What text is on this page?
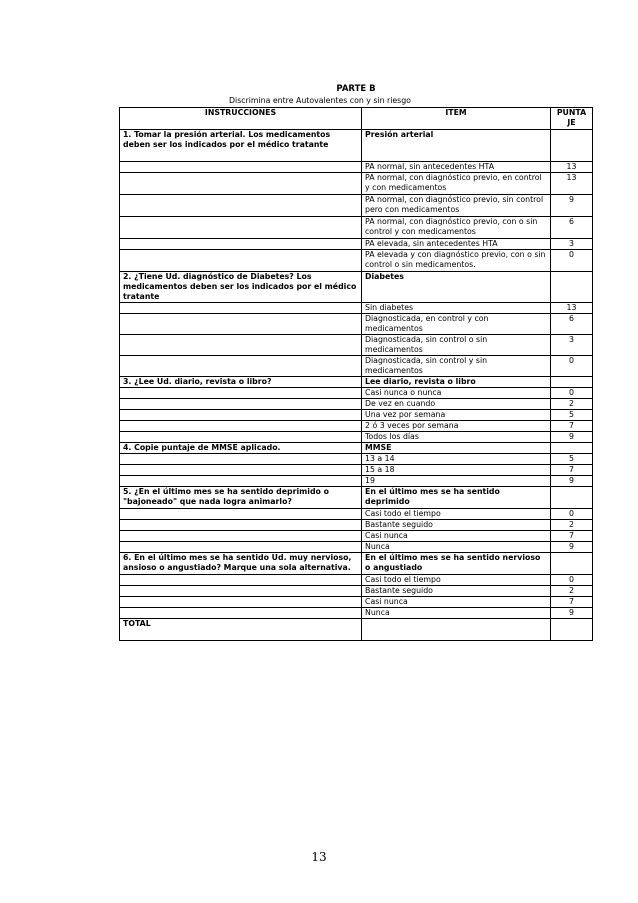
PARTE B
Discrimina entre Autovalentes con y sin riesgo
INSTRUCCIONES	ITEM	PUNTA JE
1. Tomar la presión arterial. Los medicamentos deben ser los indicados por el médico tratante	Presión arterial	
	PA normal, sin antecedentes HTA	13
	PA normal, con diagnóstico previo, en control y con medicamentos	13
	PA normal, con diagnóstico previo, sin control pero con medicamentos	9
	PA normal, con diagnóstico previo, con o sin control y con medicamentos	6
	PA elevada, sin antecedentes HTA	3
	PA elevada y con diagnóstico previo, con o sin control o sin medicamentos.	0
2. ¿Tiene Ud. diagnóstico de Diabetes? Los medicamentos deben ser los indicados por el médico tratante	Diabetes	
	Sin diabetes	13
	Diagnosticada, en control y con medicamentos	6
	Diagnosticada, sin control o sin medicamentos	3
	Diagnosticada, sin control y sin medicamentos	0
3. ¿Lee Ud. diario, revista o libro?	Lee diario, revista o libro	
	Casi nunca o nunca	0
	De vez en cuando	2
	Una vez por semana	5
	2 ó 3 veces por semana	7
	Todos los días	9
4. Copie puntaje de MMSE aplicado.	MMSE	
	13 a 14	5
	15 a 18	7
	19	9
5. ¿En el último mes se ha sentido deprimido o "bajoneado" que nada logra animarlo?	En el último mes se ha sentido deprimido	
	Casi todo el tiempo	0
	Bastante seguido	2
	Casi nunca	7
	Nunca	9
6. En el último mes se ha sentido Ud. muy nervioso, ansioso o angustiado? Marque una sola alternativa.	En el último mes se ha sentido nervioso o angustiado	
	Casi todo el tiempo	0
	Bastante seguido	2
	Casi nunca	7
	Nunca	9
TOTAL		
13
